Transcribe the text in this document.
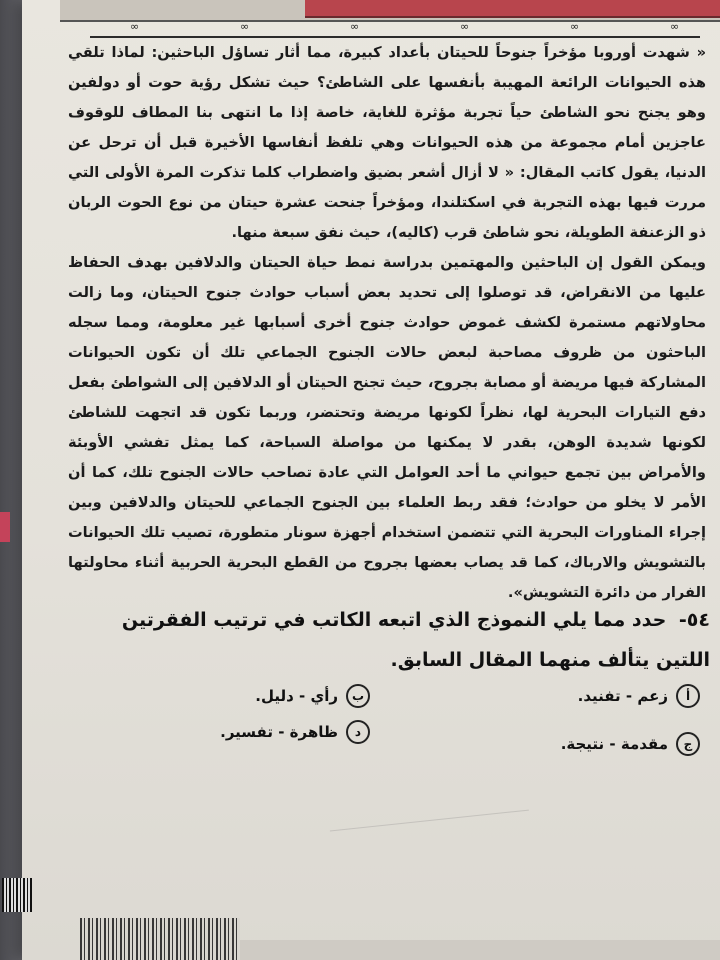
∞	∞	∞	∞	∞	∞

« شهدت أوروبا مؤخراً جنوحاً للحيتان بأعداد كبيرة، مما أثار تساؤل الباحثين: لماذا تلقي هذه الحيوانات الرائعة المهيبة بأنفسها على الشاطئ؟ حيث تشكل رؤية حوت أو دولفين وهو يجنح نحو الشاطئ حياً تجربة مؤثرة للغاية، خاصة إذا ما انتهى بنا المطاف للوقوف عاجزين أمام مجموعة من هذه الحيوانات وهي تلفظ أنفاسها الأخيرة قبل أن ترحل عن الدنيا، يقول كاتب المقال: « لا أزال أشعر بضيق واضطراب كلما تذكرت المرة الأولى التي مررت فيها بهذه التجربة في اسكتلندا، ومؤخراً جنحت عشرة حيتان من نوع الحوت الربان ذو الزعنفة الطويلة، نحو شاطئ قرب (كاليه)، حيث نفق سبعة منها.

ويمكن القول إن الباحثين والمهتمين بدراسة نمط حياة الحيتان والدلافين بهدف الحفاظ عليها من الانقراض، قد توصلوا إلى تحديد بعض أسباب حوادث جنوح الحيتان، وما زالت محاولاتهم مستمرة لكشف غموض حوادث جنوح أخرى أسبابها غير معلومة، ومما سجله الباحثون من ظروف مصاحبة لبعض حالات الجنوح الجماعي تلك أن تكون الحيوانات المشاركة فيها مريضة أو مصابة بجروح، حيث تجنح الحيتان أو الدلافين إلى الشواطئ بفعل دفع التيارات البحرية لها، نظراً لكونها مريضة وتحتضر، وربما تكون قد اتجهت للشاطئ لكونها شديدة الوهن، بقدر لا يمكنها من مواصلة السباحة، كما يمثل تفشي الأوبئة والأمراض بين تجمع حيواني ما أحد العوامل التي عادة تصاحب حالات الجنوح تلك، كما أن الأمر لا يخلو من حوادث؛ فقد ربط العلماء بين الجنوح الجماعي للحيتان والدلافين وبين إجراء المناورات البحرية التي تتضمن استخدام أجهزة سونار متطورة، تصيب تلك الحيوانات بالتشويش والارباك، كما قد يصاب بعضها بجروح من القطع البحرية الحربية أثناء محاولتها الفرار من دائرة التشويش».

٥٤- حدد مما يلي النموذج الذي اتبعه الكاتب في ترتيب الفقرتين اللتين يتألف منهما المقال السابق.
أ
زعم - تفنيد.
ب
رأي - دليل.
ج
مقدمة - نتيجة.
د
ظاهرة - تفسير.
